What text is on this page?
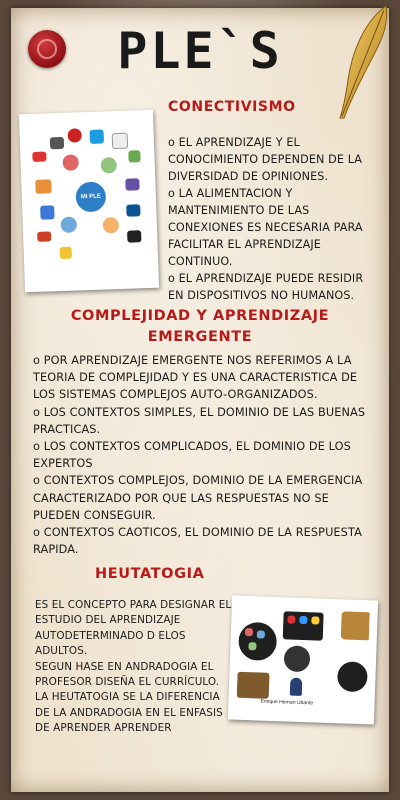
PLE`S
MI PLE
CONECTIVISMO
o EL APRENDIZAJE Y EL
CONOCIMIENTO DEPENDEN DE LA
DIVERSIDAD DE OPINIONES.
o LA ALIMENTACION Y
MANTENIMIENTO DE LAS
CONEXIONES ES NECESARIA PARA
FACILITAR EL APRENDIZAJE
CONTINUO.
o EL APRENDIZAJE PUEDE RESIDIR
EN DISPOSITIVOS NO HUMANOS.
COMPLEJIDAD Y APRENDIZAJE
EMERGENTE
o POR APRENDIZAJE EMERGENTE NOS REFERIMOS A LA
TEORIA DE COMPLEJIDAD Y ES UNA CARACTERISTICA DE
LOS SISTEMAS COMPLEJOS AUTO-ORGANIZADOS.
o LOS CONTEXTOS SIMPLES, EL DOMINIO DE LAS BUENAS
PRACTICAS.
o LOS CONTEXTOS COMPLICADOS, EL DOMINIO DE LOS
EXPERTOS
o CONTEXTOS COMPLEJOS, DOMINIO DE LA EMERGENCIA
CARACTERIZADO POR QUE LAS RESPUESTAS NO SE
PUEDEN CONSEGUIR.
o CONTEXTOS CAOTICOS, EL DOMINIO DE LA RESPUESTA
RAPIDA.
HEUTATOGIA
ES EL CONCEPTO PARA DESIGNAR EL
ESTUDIO DEL APRENDIZAJE
AUTODETERMINADO D ELOS
ADULTOS.
SEGUN HASE EN ANDRADOGIA EL
PROFESOR DISEÑA EL CURRÍCULO.
LA HEUTATOGIA SE LA DIFERENCIA
DE LA ANDRADOGIA EN EL ENFASIS
DE APRENDER APRENDER
Enrique Hernan Ubante
